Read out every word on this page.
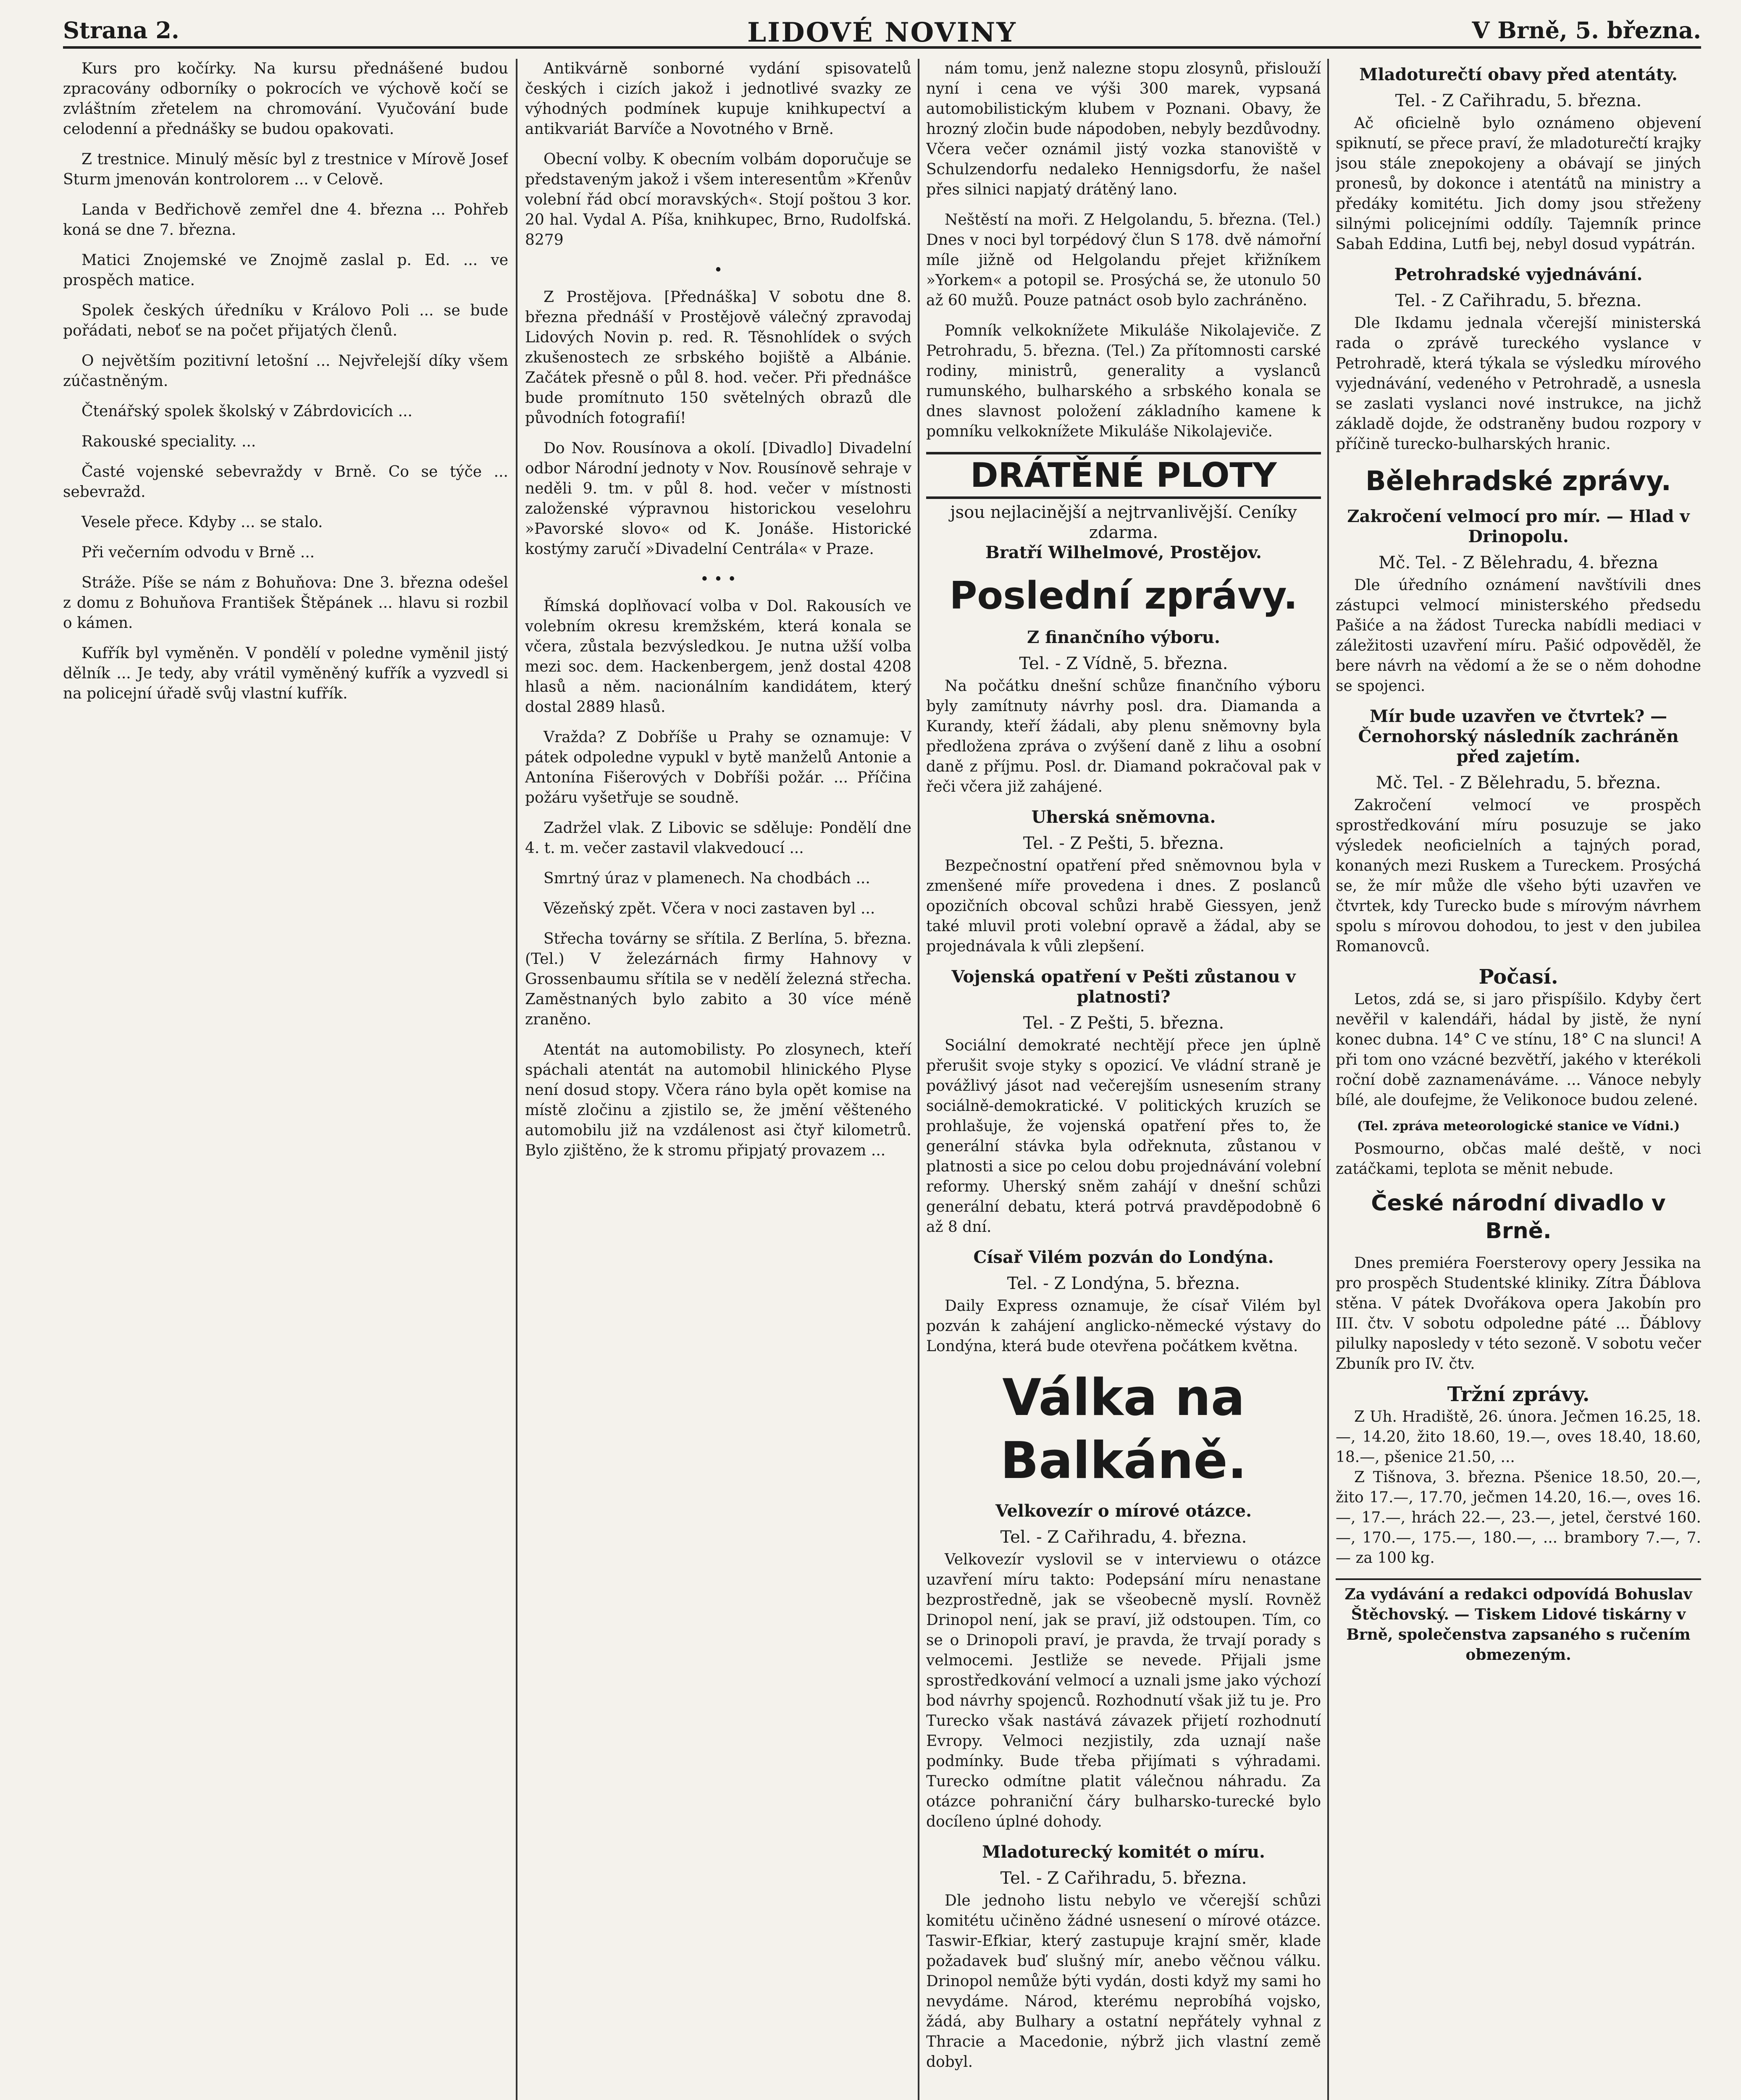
Strana 2.	LIDOVÉ NOVINY	V Brně, 5. března.

Kurs pro kočírky. Na kursu přednášené budou zpracovány odborníky o pokrocích ve výchově kočí se zvláštním zřetelem na chromování. Vyučování bude celodenní a přednášky se budou opakovati.

Z trestnice. Minulý měsíc byl z trestnice v Mírově Josef Sturm jmenován kontrolorem ... v Celově.

Landa v Bedřichově zemřel dne 4. března ... Pohřeb koná se dne 7. března.

Matici Znojemské ve Znojmě zaslal p. Ed. ... ve prospěch matice.

Spolek českých úředníku v Královo Poli ... se bude pořádati, neboť se na počet přijatých členů.

O největším pozitivní letošní ... Nejvřelejší díky všem zúčastněným.

Čtenářský spolek školský v Zábrdovicích ...

Rakouské speciality. ...

Časté vojenské sebevraždy v Brně. Co se týče ... sebevražd.

Vesele přece. Kdyby ... se stalo.

Při večerním odvodu v Brně ...

Stráže. Píše se nám z Bohuňova: Dne 3. března odešel z domu z Bohuňova František Štěpánek ... hlavu si rozbil o kámen.

Kufřík byl vyměněn. V pondělí v poledne vyměnil jistý dělník ... Je tedy, aby vrátil vyměněný kufřík a vyzvedl si na policejní úřadě svůj vlastní kufřík.

Antikvárně sonborné vydání spisovatelů českých i cizích jakož i jednotlivé svazky ze výhodných podmínek kupuje knihkupectví a antikvariát Barvíče a Novotného v Brně.

Obecní volby. K obecním volbám doporučuje se představeným jakož i všem interesentům »Křenův volební řád obcí moravských«. Stojí poštou 3 kor. 20 hal. Vydal A. Píša, knihkupec, Brno, Rudolfská. 8279

•

Z Prostějova. [Přednáška] V sobotu dne 8. března přednáší v Prostějově válečný zpravodaj Lidových Novin p. red. R. Těsnohlídek o svých zkušenostech ze srbského bojiště a Albánie. Začátek přesně o půl 8. hod. večer. Při přednášce bude promítnuto 150 světelných obrazů dle původních fotografií!

Do Nov. Rousínova a okolí. [Divadlo] Divadelní odbor Národní jednoty v Nov. Rousínově sehraje v neděli 9. tm. v půl 8. hod. večer v místnosti založenské výpravnou historickou veselohru »Pavorské slovo« od K. Jonáše. Historické kostýmy zaručí »Divadelní Centrála« v Praze.

• • •

Římská doplňovací volba v Dol. Rakousích ve volebním okresu kremžském, která konala se včera, zůstala bezvýsledkou. Je nutna užší volba mezi soc. dem. Hackenbergem, jenž dostal 4208 hlasů a něm. nacionálním kandidátem, který dostal 2889 hlasů.

Vražda? Z Dobříše u Prahy se oznamuje: V pátek odpoledne vypukl v bytě manželů Antonie a Antonína Fišerových v Dobříši požár. ... Příčina požáru vyšetřuje se soudně.

Zadržel vlak. Z Libovic se sděluje: Pondělí dne 4. t. m. večer zastavil vlakvedoucí ...

Smrtný úraz v plamenech. Na chodbách ...

Vězeňský zpět. Včera v noci zastaven byl ...

Střecha továrny se sřítila. Z Berlína, 5. března. (Tel.) V železárnách firmy Hahnovy v Grossenbaumu sřítila se v nedělí železná střecha. Zaměstnaných bylo zabito a 30 více méně zraněno.

Atentát na automobilisty. Po zlosynech, kteří spáchali atentát na automobil hlinického Plyse není dosud stopy. Včera ráno byla opět komise na místě zločinu a zjistilo se, že jmění věšteného automobilu již na vzdálenost asi čtyř kilometrů. Bylo zjištěno, že k stromu připjatý provazem ...

nám tomu, jenž nalezne stopu zlosynů, přislouží nyní i cena ve výši 300 marek, vypsaná automobilistickým klubem v Poznani. Obavy, že hrozný zločin bude nápodoben, nebyly bezdůvodny. Včera večer oznámil jistý vozka stanoviště v Schulzendorfu nedaleko Hennigsdorfu, že našel přes silnici napjatý drátěný lano.

Neštěstí na moři. Z Helgolandu, 5. března. (Tel.) Dnes v noci byl torpédový člun S 178. dvě námořní míle jižně od Helgolandu přejet křižníkem »Yorkem« a potopil se. Prosýchá se, že utonulo 50 až 60 mužů. Pouze patnáct osob bylo zachráněno.

Pomník velkoknížete Mikuláše Nikolajeviče. Z Petrohradu, 5. března. (Tel.) Za přítomnosti carské rodiny, ministrů, generality a vyslanců rumunského, bulharského a srbského konala se dnes slavnost položení základního kamene k pomníku velkoknížete Mikuláše Nikolajeviče.

DRÁTĚNÉ PLOTY
jsou nejlacinější a nejtrvanlivější. Ceníky zdarma.
Bratří Wilhelmové, Prostějov.
Poslední zprávy.
Z finančního výboru.
Tel. - Z Vídně, 5. března.

Na počátku dnešní schůze finančního výboru byly zamítnuty návrhy posl. dra. Diamanda a Kurandy, kteří žádali, aby plenu sněmovny byla předložena zpráva o zvýšení daně z lihu a osobní daně z příjmu. Posl. dr. Diamand pokračoval pak v řeči včera již zahájené.

Uherská sněmovna.
Tel. - Z Pešti, 5. března.

Bezpečnostní opatření před sněmovnou byla v zmenšené míře provedena i dnes. Z poslanců opozičních obcoval schůzi hrabě Giessyen, jenž také mluvil proti volební opravě a žádal, aby se projednávala k vůli zlepšení.

Vojenská opatření v Pešti zůstanou v platnosti?
Tel. - Z Pešti, 5. března.

Sociální demokraté nechtějí přece jen úplně přerušit svoje styky s opozicí. Ve vládní straně je povážlivý jásot nad večerejším usnesením strany sociálně-demokratické. V politických kruzích se prohlašuje, že vojenská opatření přes to, že generální stávka byla odřeknuta, zůstanou v platnosti a sice po celou dobu projednávání volební reformy. Uherský sněm zahájí v dnešní schůzi generální debatu, která potrvá pravděpodobně 6 až 8 dní.

Císař Vilém pozván do Londýna.
Tel. - Z Londýna, 5. března.

Daily Express oznamuje, že císař Vilém byl pozván k zahájení anglicko-německé výstavy do Londýna, která bude otevřena počátkem května.

Válka na Balkáně.
Velkovezír o mírové otázce.
Tel. - Z Cařihradu, 4. března.

Velkovezír vyslovil se v interviewu o otázce uzavření míru takto: Podepsání míru nenastane bezprostředně, jak se všeobecně myslí. Rovněž Drinopol není, jak se praví, již odstoupen. Tím, co se o Drinopoli praví, je pravda, že trvají porady s velmocemi. Jestliže se nevede. Přijali jsme sprostředkování velmocí a uznali jsme jako výchozí bod návrhy spojenců. Rozhodnutí však již tu je. Pro Turecko však nastává závazek přijetí rozhodnutí Evropy. Velmoci nezjistily, zda uznají naše podmínky. Bude třeba přijímati s výhradami. Turecko odmítne platit válečnou náhradu. Za otázce pohraniční čáry bulharsko-turecké bylo docíleno úplné dohody.

Mladoturecký komitét o míru.
Tel. - Z Cařihradu, 5. března.

Dle jednoho listu nebylo ve včerejší schůzi komitétu učiněno žádné usnesení o mírové otázce. Taswir-Efkiar, který zastupuje krajní směr, klade požadavek buď slušný mír, anebo věčnou válku. Drinopol nemůže býti vydán, dosti když my sami ho nevydáme. Národ, kterému neprobíhá vojsko, žádá, aby Bulhary a ostatní nepřátely vyhnal z Thracie a Macedonie, nýbrž jich vlastní země dobyl.

Mladoturečtí obavy před atentáty.
Tel. - Z Cařihradu, 5. března.

Ač oficielně bylo oznámeno objevení spiknutí, se přece praví, že mladoturečtí krajky jsou stále znepokojeny a obávají se jiných pronesů, by dokonce i atentátů na ministry a předáky komitétu. Jich domy jsou střeženy silnými policejními oddíly. Tajemník prince Sabah Eddina, Lutfi bej, nebyl dosud vypátrán.

Petrohradské vyjednávání.
Tel. - Z Cařihradu, 5. března.

Dle Ikdamu jednala včerejší ministerská rada o zprávě tureckého vyslance v Petrohradě, která týkala se výsledku mírového vyjednávání, vedeného v Petrohradě, a usnesla se zaslati vyslanci nové instrukce, na jichž základě dojde, že odstraněny budou rozpory v příčině turecko-bulharských hranic.

Bělehradské zprávy.
Zakročení velmocí pro mír. — Hlad v Drinopolu.
Mč. Tel. - Z Bělehradu, 4. března

Dle úředního oznámení navštívili dnes zástupci velmocí ministerského předsedu Pašiće a na žádost Turecka nabídli mediaci v záležitosti uzavření míru. Pašić odpověděl, že bere návrh na vědomí a že se o něm dohodne se spojenci.

Mír bude uzavřen ve čtvrtek? — Černohorský následník zachráněn před zajetím.
Mč. Tel. - Z Bělehradu, 5. března.

Zakročení velmocí ve prospěch sprostředkování míru posuzuje se jako výsledek neoficielních a tajných porad, konaných mezi Ruskem a Tureckem. Prosýchá se, že mír může dle všeho býti uzavřen ve čtvrtek, kdy Turecko bude s mírovým návrhem spolu s mírovou dohodou, to jest v den jubilea Romanovců.

Počasí.

Letos, zdá se, si jaro přispíšilo. Kdyby čert nevěřil v kalendáři, hádal by jistě, že nyní konec dubna. 14° C ve stínu, 18° C na slunci! A při tom ono vzácné bezvětří, jakého v kterékoli roční době zaznamenáváme. ... Vánoce nebyly bílé, ale doufejme, že Velikonoce budou zelené.

(Tel. zpráva meteorologické stanice ve Vídni.)

Posmourno, občas malé deště, v noci zatáčkami, teplota se měnit nebude.

České národní divadlo v Brně.

Dnes premiéra Foersterovy opery Jessika na pro prospěch Studentské kliniky. Zítra Ďáblova stěna. V pátek Dvořákova opera Jakobín pro III. čtv. V sobotu odpoledne páté ... Ďáblovy pilulky naposledy v této sezoně. V sobotu večer Zbuník pro IV. čtv.

Tržní zprávy.

Z Uh. Hradiště, 26. února. Ječmen 16.25, 18.—, 14.20, žito 18.60, 19.—, oves 18.40, 18.60, 18.—, pšenice 21.50, ...

Z Tišnova, 3. března. Pšenice 18.50, 20.—, žito 17.—, 17.70, ječmen 14.20, 16.—, oves 16.—, 17.—, hrách 22.—, 23.—, jetel, čerstvé 160.—, 170.—, 175.—, 180.—, ... brambory 7.—, 7.— za 100 kg.

Za vydávání a redakci odpovídá Bohuslav Štěchovský. — Tiskem Lidové tiskárny v Brně, společenstva zapsaného s ručením obmezeným.
